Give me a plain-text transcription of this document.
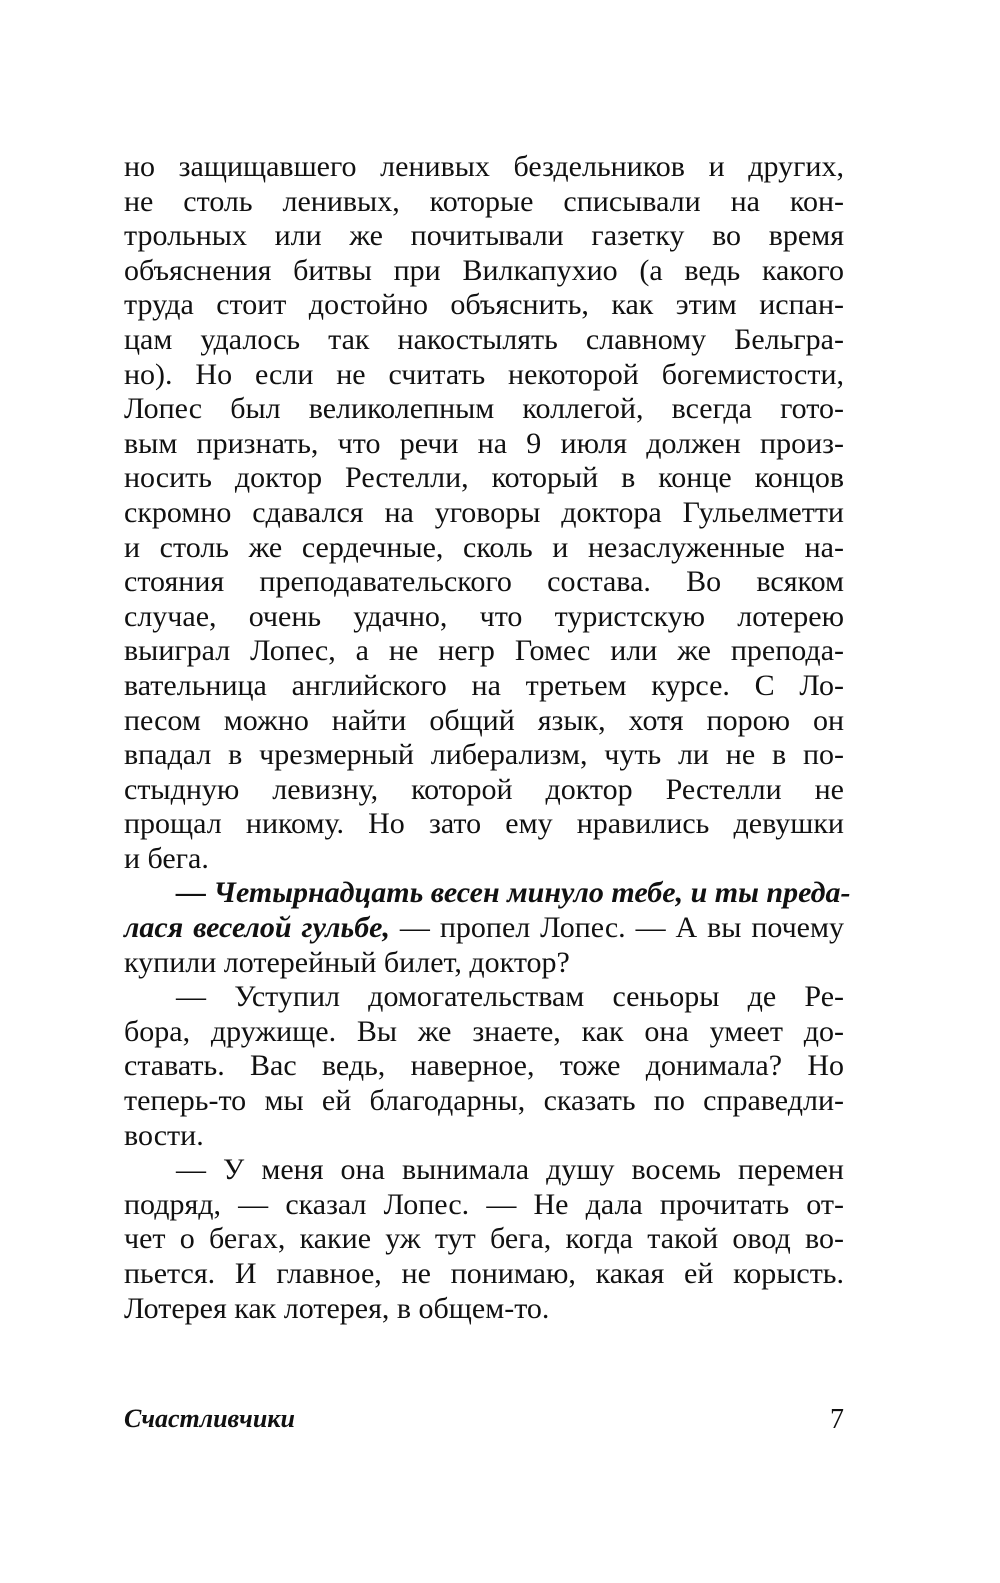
но защищавшего ленивых бездельников и других,
не столь ленивых, которые списывали на кон-
трольных или же почитывали газетку во время
объяснения битвы при Вилкапухио (а ведь какого
труда стоит достойно объяснить, как этим испан-
цам удалось так накостылять славному Бельгра-
но). Но если не считать некоторой богемистости,
Лопес был великолепным коллегой, всегда гото-
вым признать, что речи на 9 июля должен произ-
носить доктор Рестелли, который в конце концов
скромно сдавался на уговоры доктора Гульелметти
и столь же сердечные, сколь и незаслуженные на-
стояния преподавательского состава. Во всяком
случае, очень удачно, что туристскую лотерею
выиграл Лопес, а не негр Гомес или же препода-
вательница английского на третьем курсе. С Ло-
песом можно найти общий язык, хотя порою он
впадал в чрезмерный либерализм, чуть ли не в по-
стыдную левизну, которой доктор Рестелли не
прощал никому. Но зато ему нравились девушки
и бега.
— Четырнадцать весен минуло тебе, и ты преда-
лася веселой гульбе, — пропел Лопес. — А вы почему
купили лотерейный билет, доктор?
— Уступил домогательствам сеньоры де Ре-
бора, дружище. Вы же знаете, как она умеет до-
ставать. Вас ведь, наверное, тоже донимала? Но
теперь-то мы ей благодарны, сказать по справедли-
вости.
— У меня она вынимала душу восемь перемен
подряд, — сказал Лопес. — Не дала прочитать от-
чет о бегах, какие уж тут бега, когда такой овод во-
пьется. И главное, не понимаю, какая ей корысть.
Лотерея как лотерея, в общем-то.
Счастливчики	7
